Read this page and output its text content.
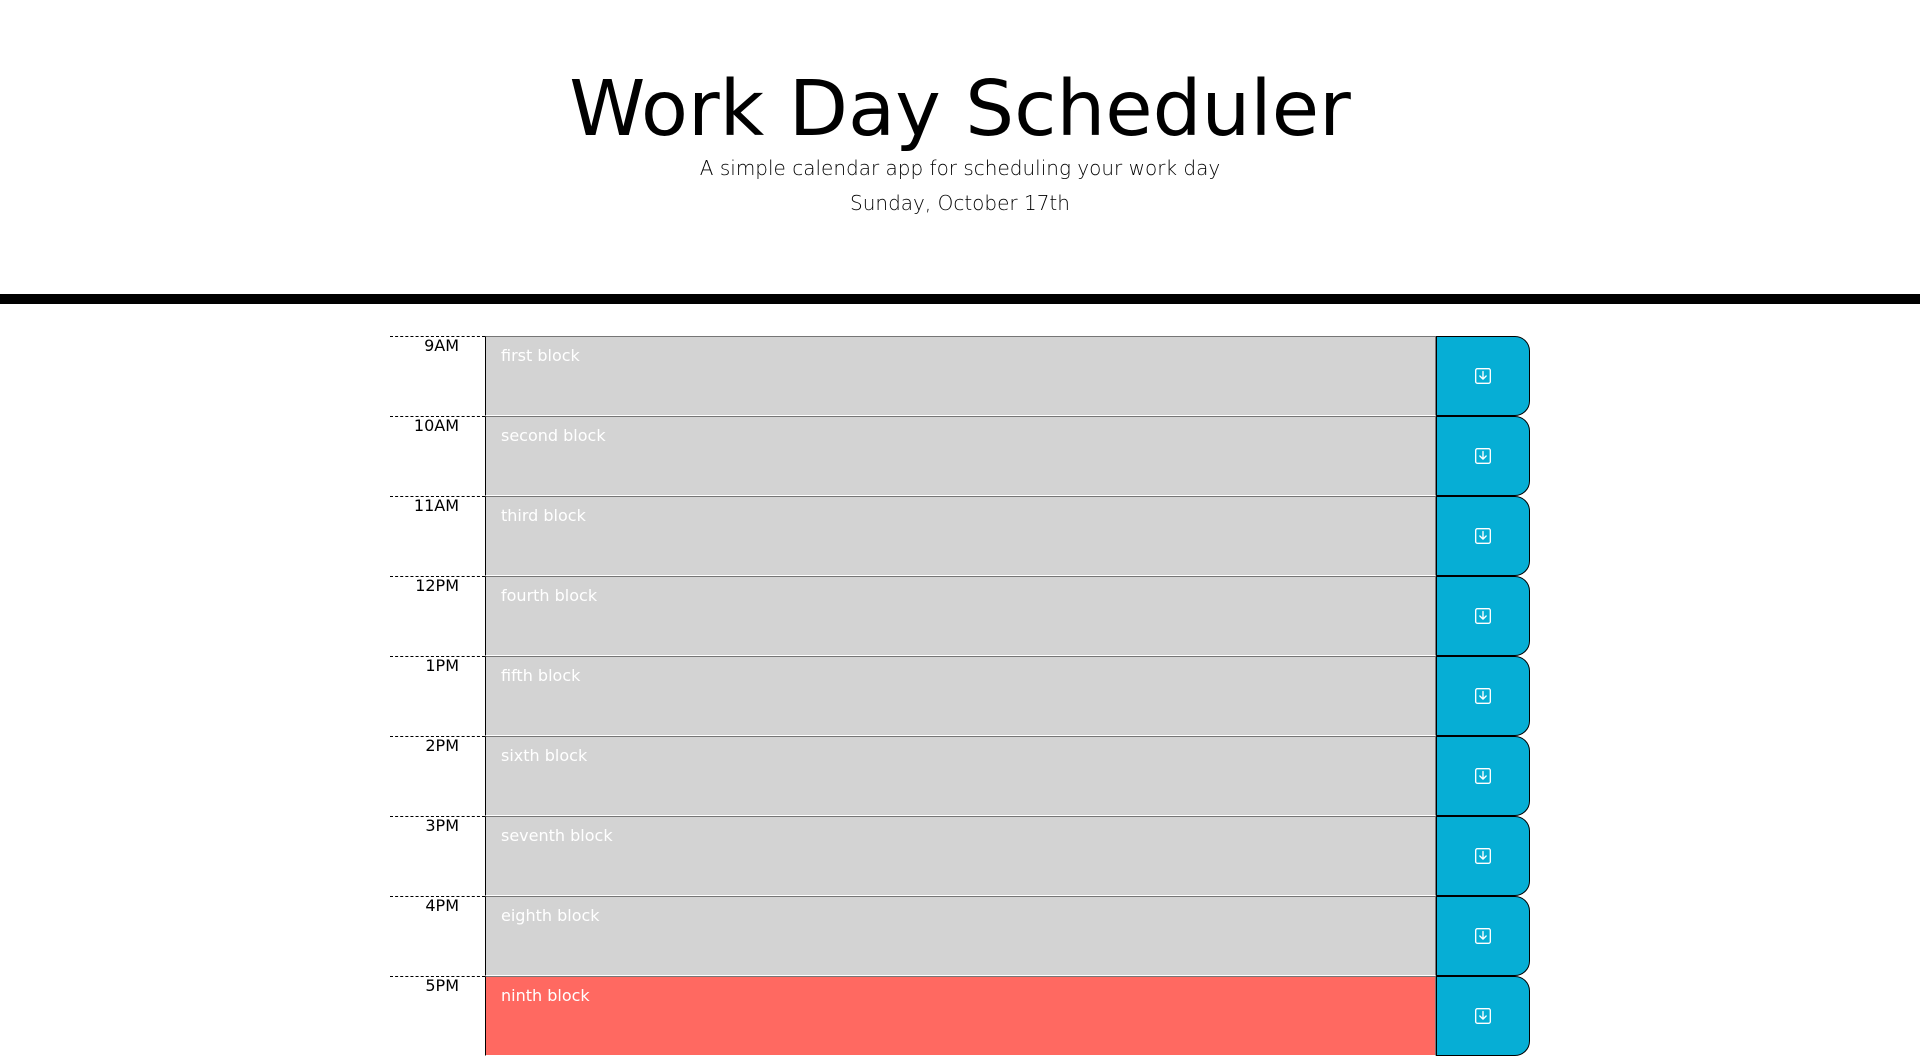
Work Day Scheduler

A simple calendar app for scheduling your work day

Sunday, October 17th

9AM
first block
10AM
second block
11AM
third block
12PM
fourth block
1PM
fifth block
2PM
sixth block
3PM
seventh block
4PM
eighth block
5PM
ninth block
